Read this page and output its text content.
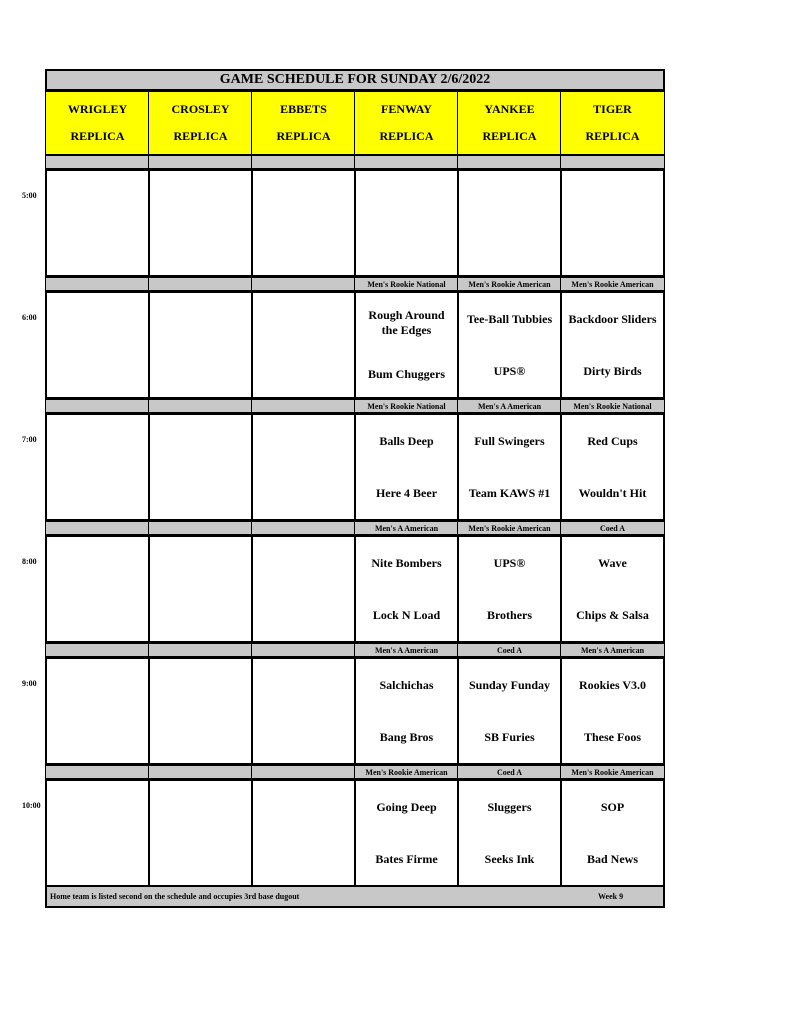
GAME SCHEDULE FOR SUNDAY 2/6/2022
Home team is listed second on the schedule and occupies 3rd base dugout	Week 9
WRIGLEY
REPLICA
CROSLEY
REPLICA
EBBETS
REPLICA
FENWAY
REPLICA
YANKEE
REPLICA
TIGER
REPLICA
Men's Rookie National
Rough Around the Edges
Bum Chuggers
Men's Rookie American
Tee-Ball Tubbies
UPS®
Men's Rookie American
Backdoor Sliders
Dirty Birds
Men's Rookie National
Balls Deep
Here 4 Beer
Men's A American
Full Swingers
Team KAWS #1
Men's Rookie National
Red Cups
Wouldn't Hit
Men's A American
Nite Bombers
Lock N Load
Men's Rookie American
UPS®
Brothers
Coed A
Wave
Chips & Salsa
Men's A American
Salchichas
Bang Bros
Coed A
Sunday Funday
SB Furies
Men's A American
Rookies V3.0
These Foos
Men's Rookie American
Going Deep
Bates Firme
Coed A
Sluggers
Seeks Ink
Men's Rookie American
SOP
Bad News
5:00
6:00
7:00
8:00
9:00
10:00
